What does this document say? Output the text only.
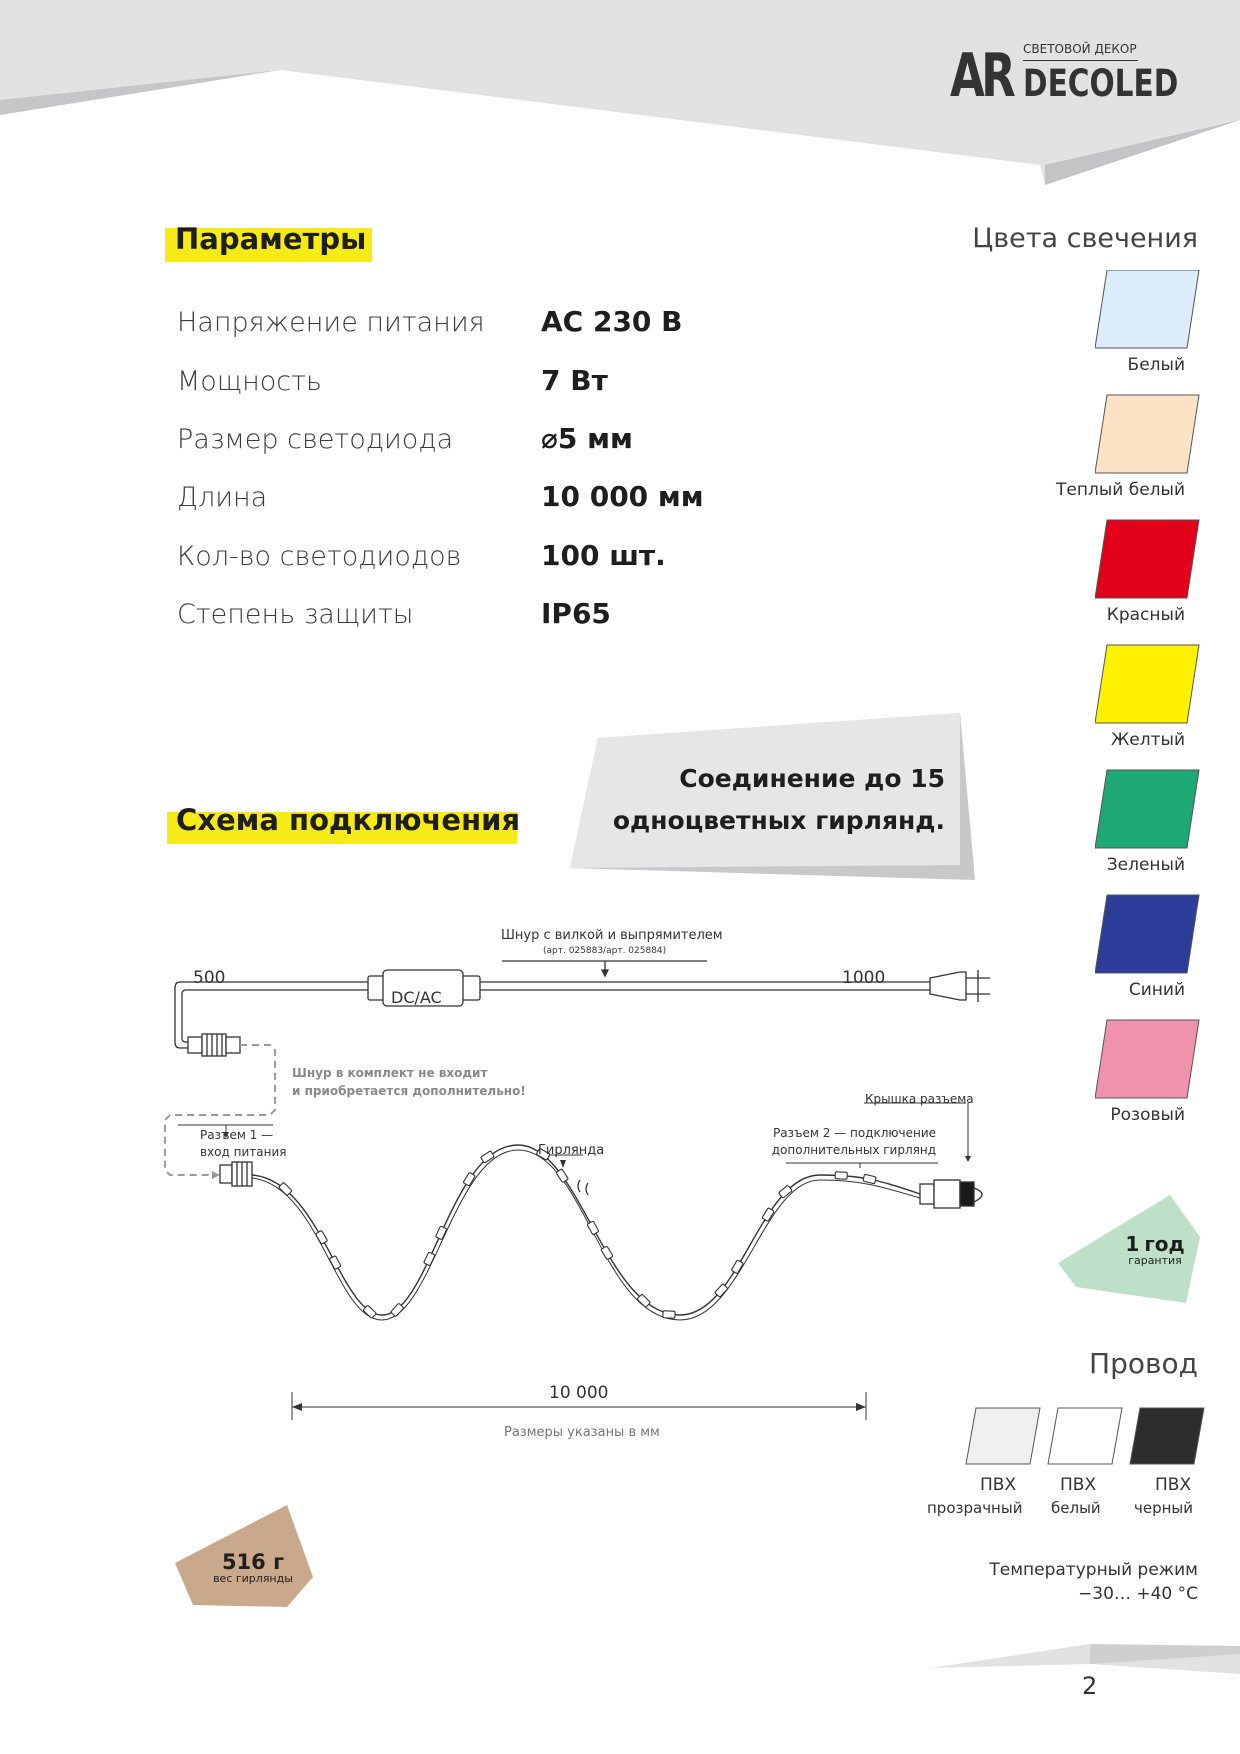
AR СВЕТОВОЙ ДЕКОР
DECOLED
Параметры
Напряжение питания AC 230 В
Мощность	7 Вт
Размер светодиода	⌀5 мм
Длина	10 000 мм
Кол-во светодиодов	100 шт.
Степень защиты	IP65
Цвета свечения
Белый
Теплый белый
Красный
Желтый
Зеленый
Синий
Розовый
Соединение до 15
одноцветных гирлянд.
Схема подключения
Шнур с вилкой и выпрямителем
(арт. 025883/арт. 025884)
500	1000
DC/AC
Шнур в комплект не входит
и приобретается дополнительно!
Разъем 1 —
вход питания	Гирлянда
Крышка разъема
Разъем 2 — подключение
дополнительных гирлянд
10 000
Размеры указаны в мм
1 год
гарантия
Провод
ПВХ
прозрачный
ПВХ
белый
ПВХ
черный
516 г
вес гирлянды	Температурный режим
−30… +40 °С
2
